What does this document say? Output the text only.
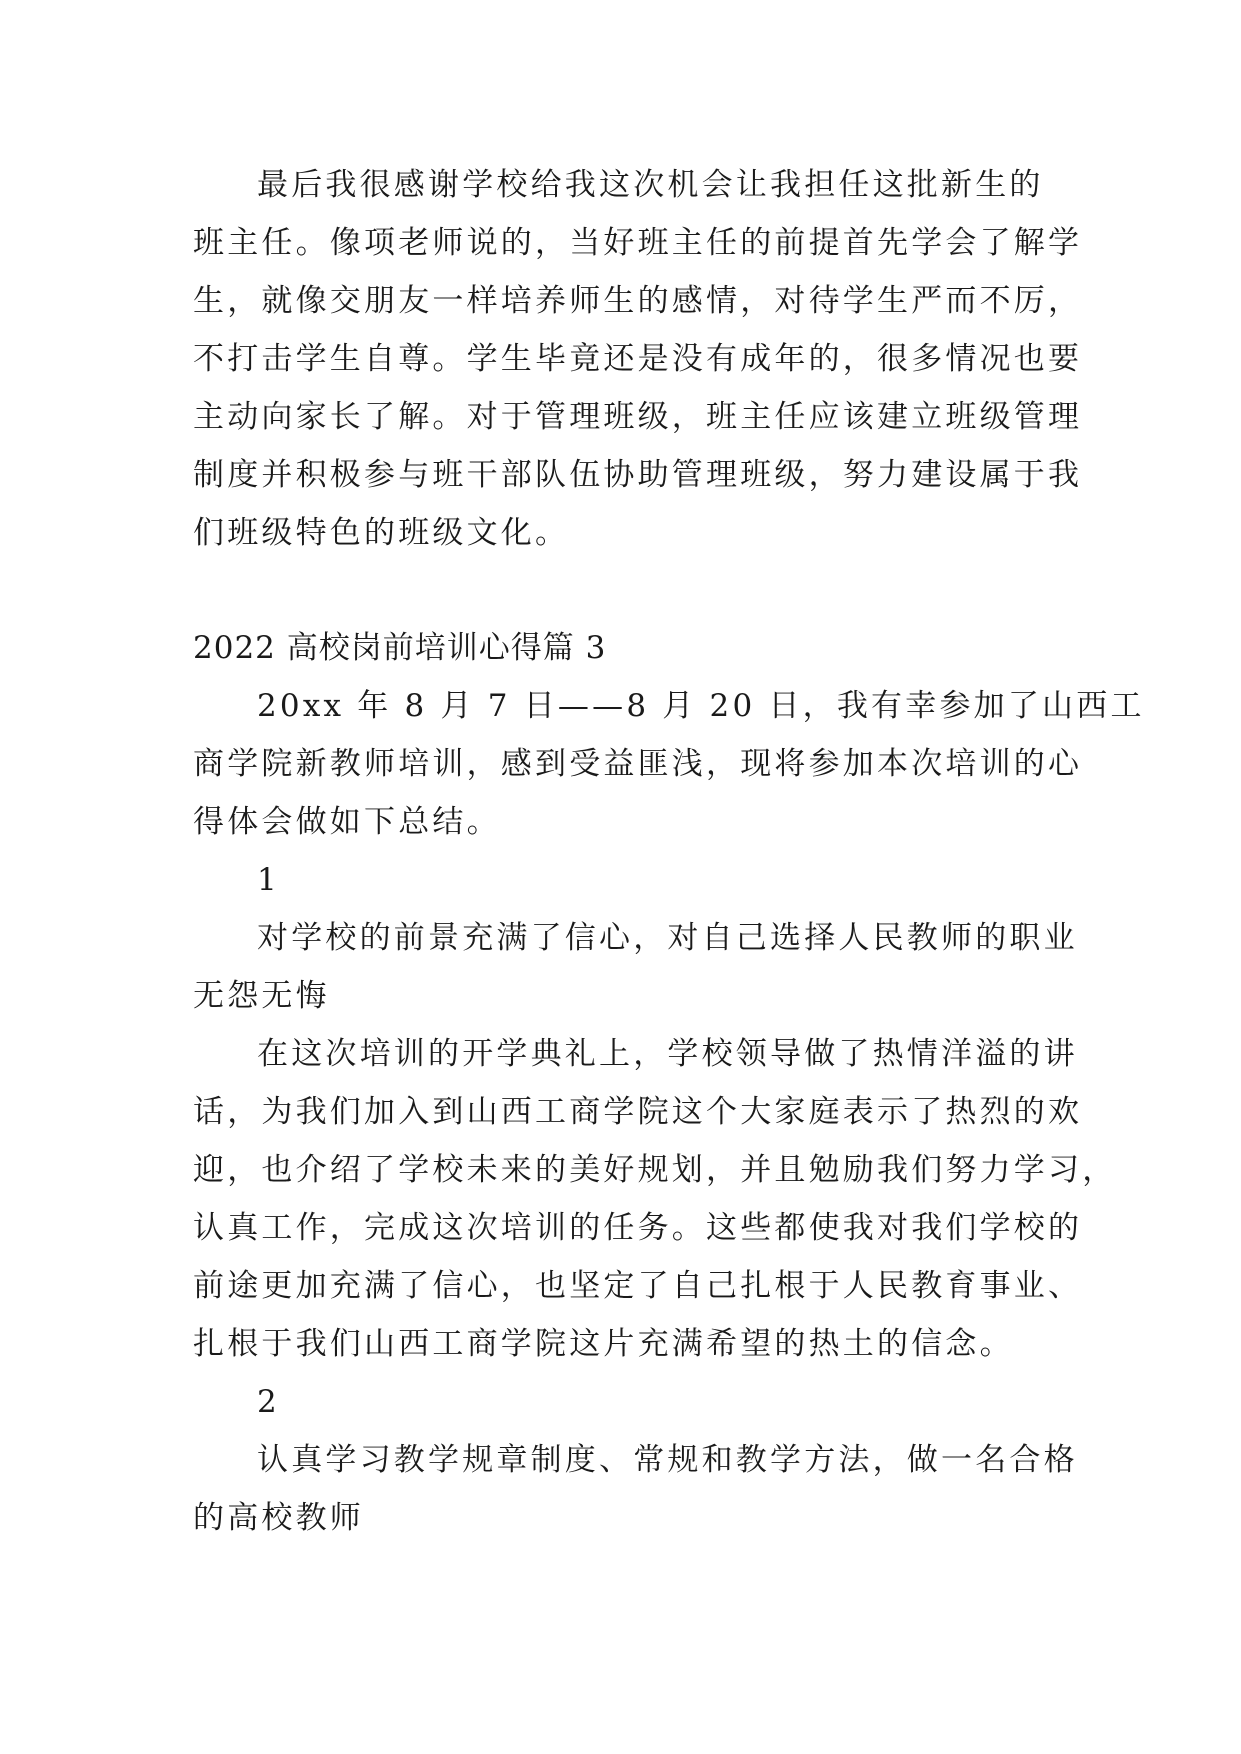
最后我很感谢学校给我这次机会让我担任这批新生的
班主任。像项老师说的，当好班主任的前提首先学会了解学
生，就像交朋友一样培养师生的感情，对待学生严而不厉，
不打击学生自尊。学生毕竟还是没有成年的，很多情况也要
主动向家长了解。对于管理班级，班主任应该建立班级管理
制度并积极参与班干部队伍协助管理班级，努力建设属于我
们班级特色的班级文化。
2022 高校岗前培训心得篇 3
20xx 年 8 月 7 日——8 月 20 日，我有幸参加了山西工
商学院新教师培训，感到受益匪浅，现将参加本次培训的心
得体会做如下总结。
1
对学校的前景充满了信心，对自己选择人民教师的职业
无怨无悔
在这次培训的开学典礼上，学校领导做了热情洋溢的讲
话，为我们加入到山西工商学院这个大家庭表示了热烈的欢
迎，也介绍了学校未来的美好规划，并且勉励我们努力学习，
认真工作，完成这次培训的任务。这些都使我对我们学校的
前途更加充满了信心，也坚定了自己扎根于人民教育事业、
扎根于我们山西工商学院这片充满希望的热土的信念。
2
认真学习教学规章制度、常规和教学方法，做一名合格
的高校教师
